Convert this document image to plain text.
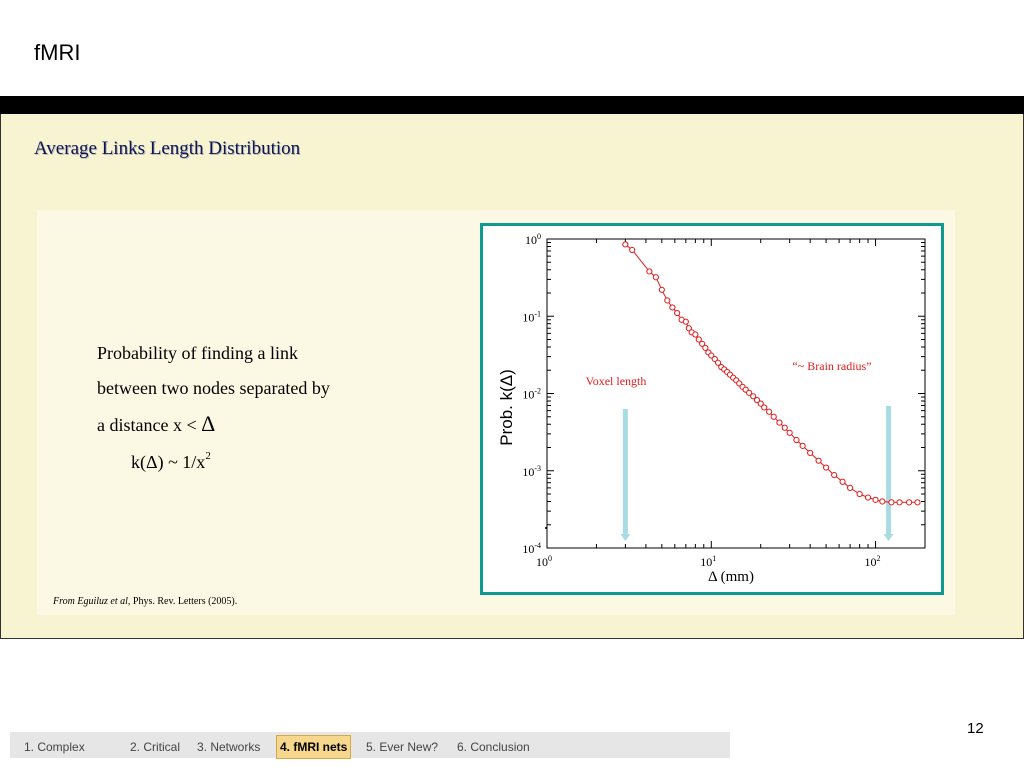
fMRI
Average Links Length Distribution
Probability of finding a link
between two nodes separated by
a distance x < Δ
k(Δ) ~ $1/x^2$
From Eguiluz et al, Phys. Rev. Letters (2005).
$10^0$	$10^1$	$10^2$
$10^0$
$10^{-1}$
$10^{-2}$
$10^{-3}$
$10^{-4}$
Δ (mm)
Prob. k(Δ)	Voxel length
“~ Brain radius”
12
1. Complex	2. Critical 3. Networks	4. fMRI nets	5. Ever New? 6. Conclusion
